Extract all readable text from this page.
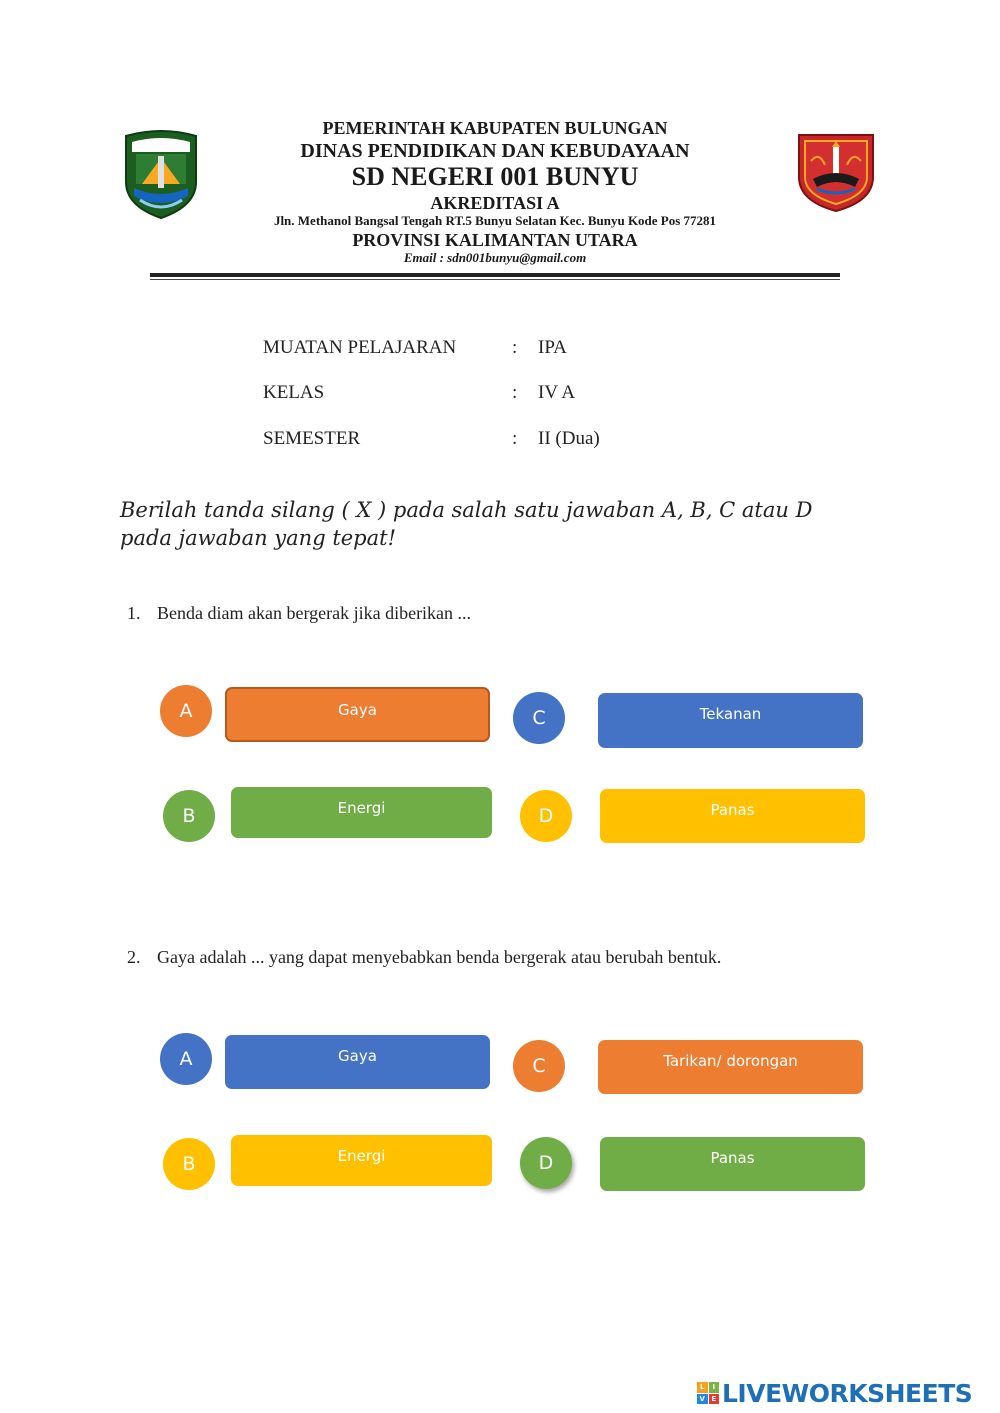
PEMERINTAH KABUPATEN BULUNGAN
DINAS PENDIDIKAN DAN KEBUDAYAAN
SD NEGERI 001 BUNYU
AKREDITASI A
Jln. Methanol Bangsal Tengah RT.5 Bunyu Selatan Kec. Bunyu Kode Pos 77281
PROVINSI KALIMANTAN UTARA
Email : sdn001bunyu@gmail.com
MUATAN PELAJARAN	: IPA
KELAS	: IV A
SEMESTER	: II (Dua)
Berilah tanda silang ( X ) pada salah satu jawaban A, B, C atau D
pada jawaban yang tepat!
1. Benda diam akan bergerak jika diberikan ...
A	Gaya
B	Energi
C	Tekanan
D	Panas
2. Gaya adalah ... yang dapat menyebabkan benda bergerak atau berubah bentuk.
A	Gaya
B	Energi
C	Tarikan/ dorongan
D	Panas
L	I
V E LIVEWORKSHEETS
